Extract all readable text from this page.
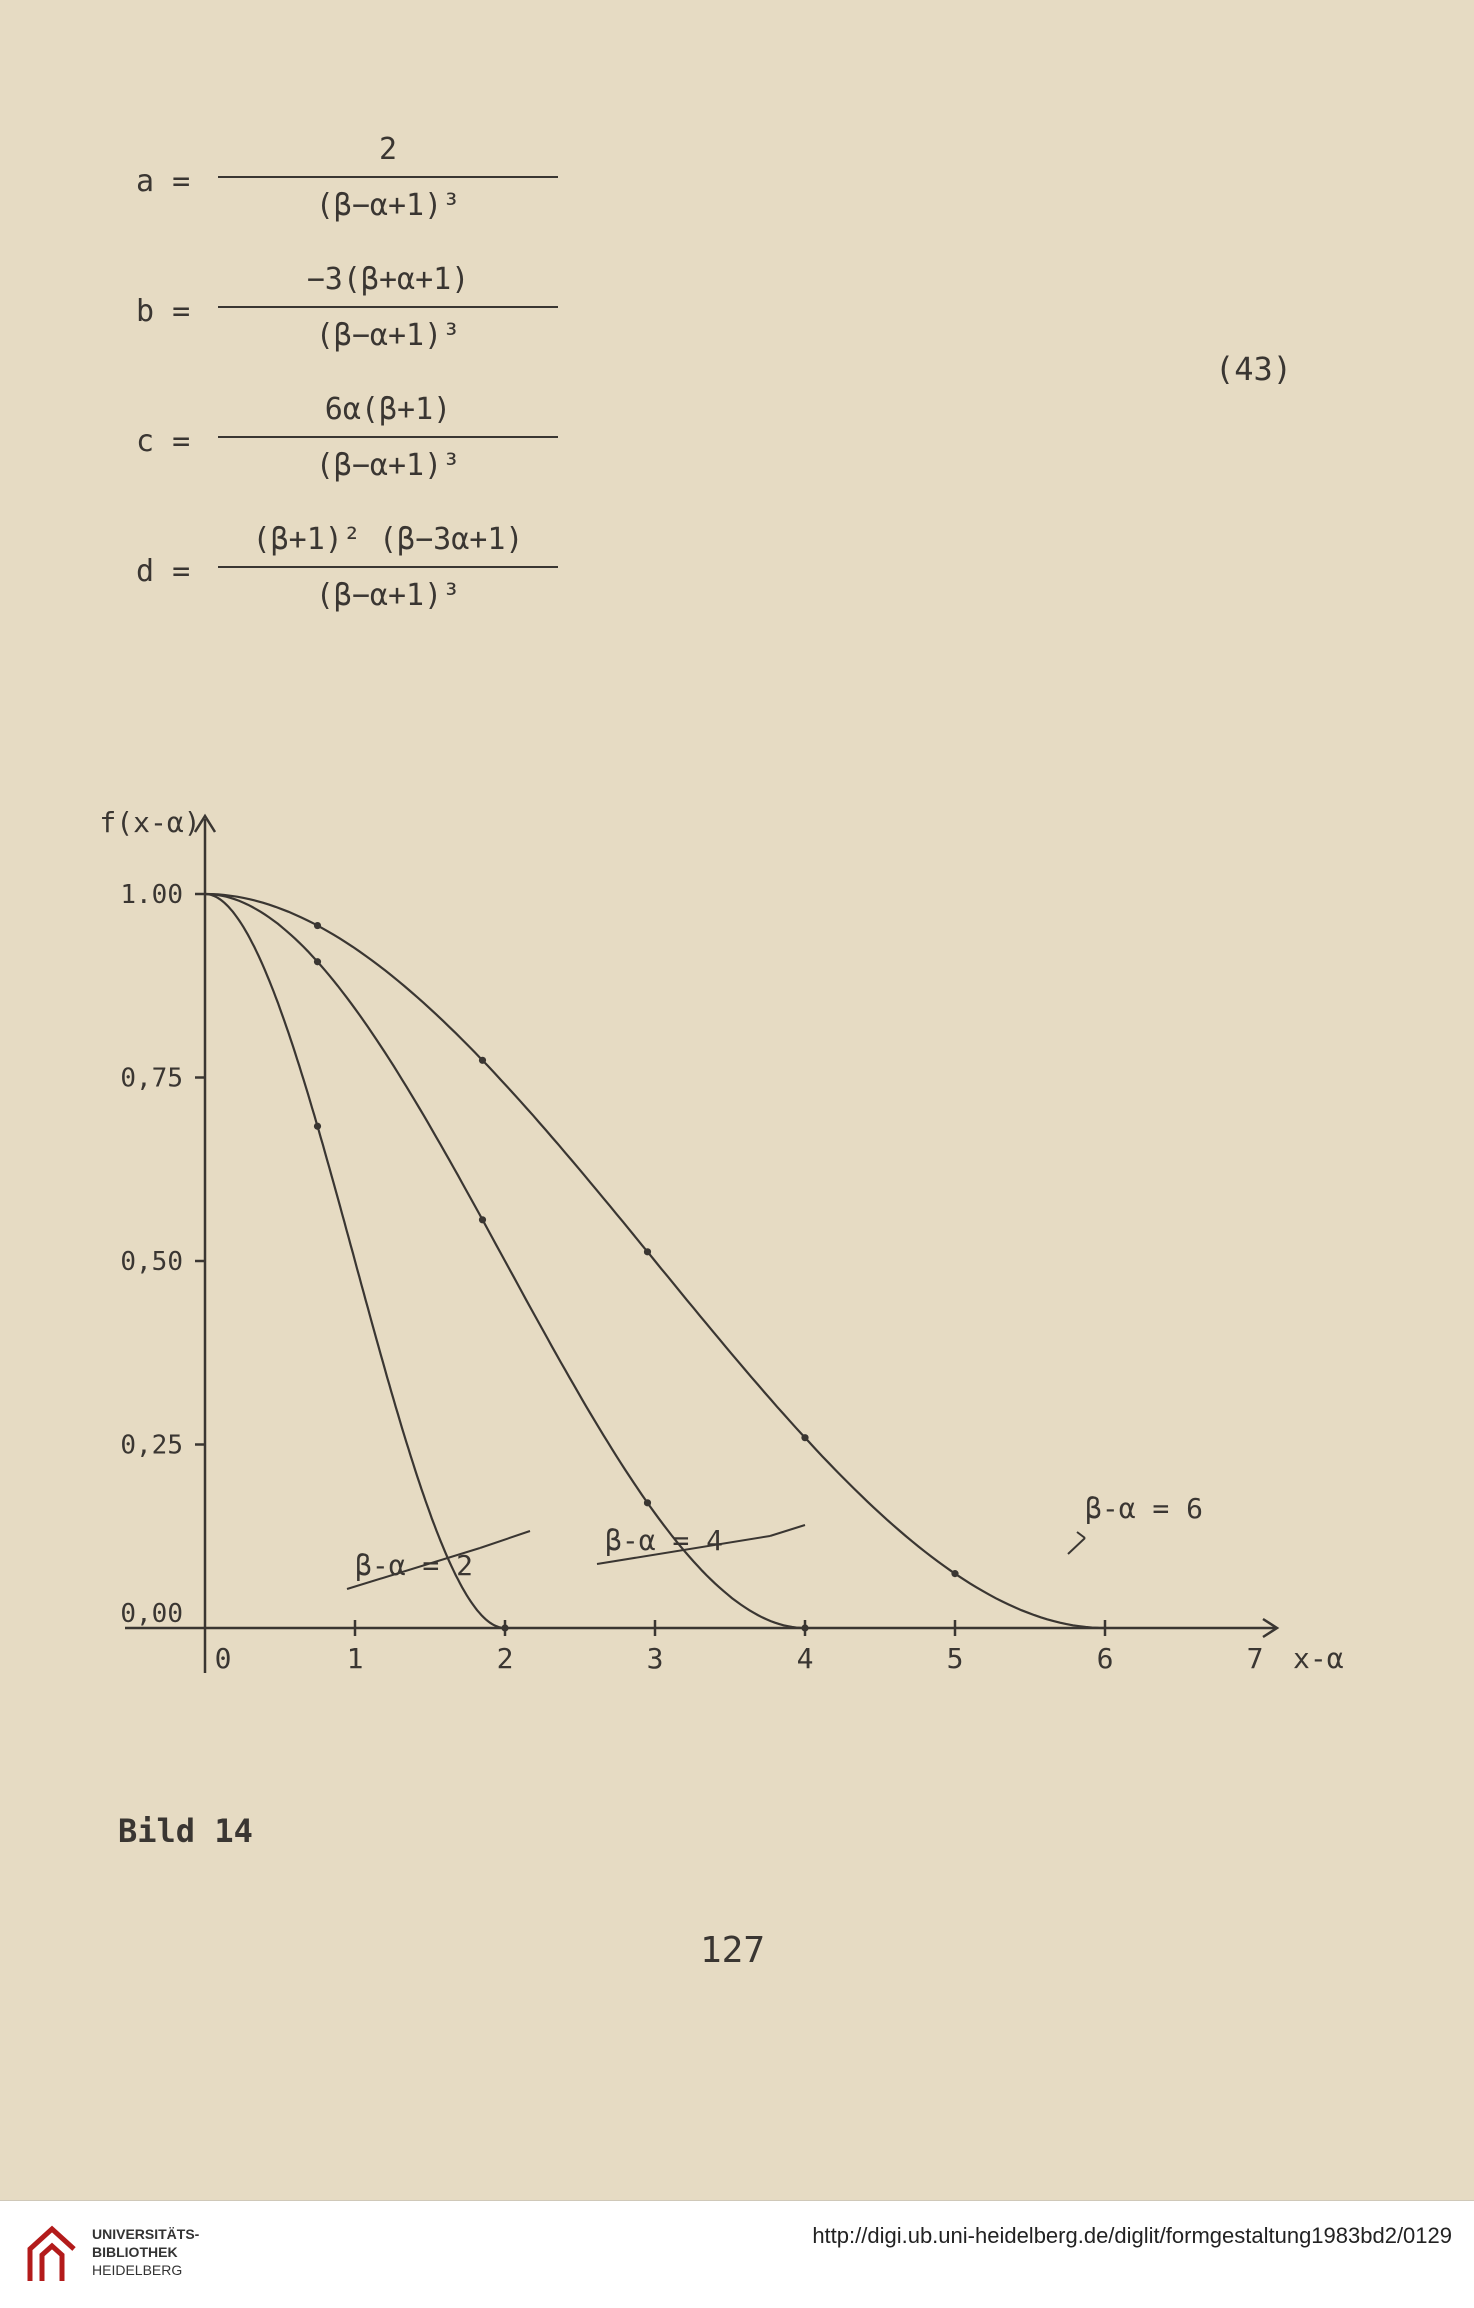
a =
2
(β−α+1)³
b =
−3(β+α+1)
(β−α+1)³
c =
6α(β+1)
(β−α+1)³
d =
(β+1)² (β−3α+1)
(β−α+1)³
(43)
0	1	2	3	4	5	6	7 x-α
0,00
0,25
0,50
0,75
1.00
f(x-α)
β-α = 2
β-α = 4
β-α = 6
Bild 14
127
UNIVERSITÄTS-
BIBLIOTHEK
HEIDELBERG
http://digi.ub.uni-heidelberg.de/diglit/formgestaltung1983bd2/0129
